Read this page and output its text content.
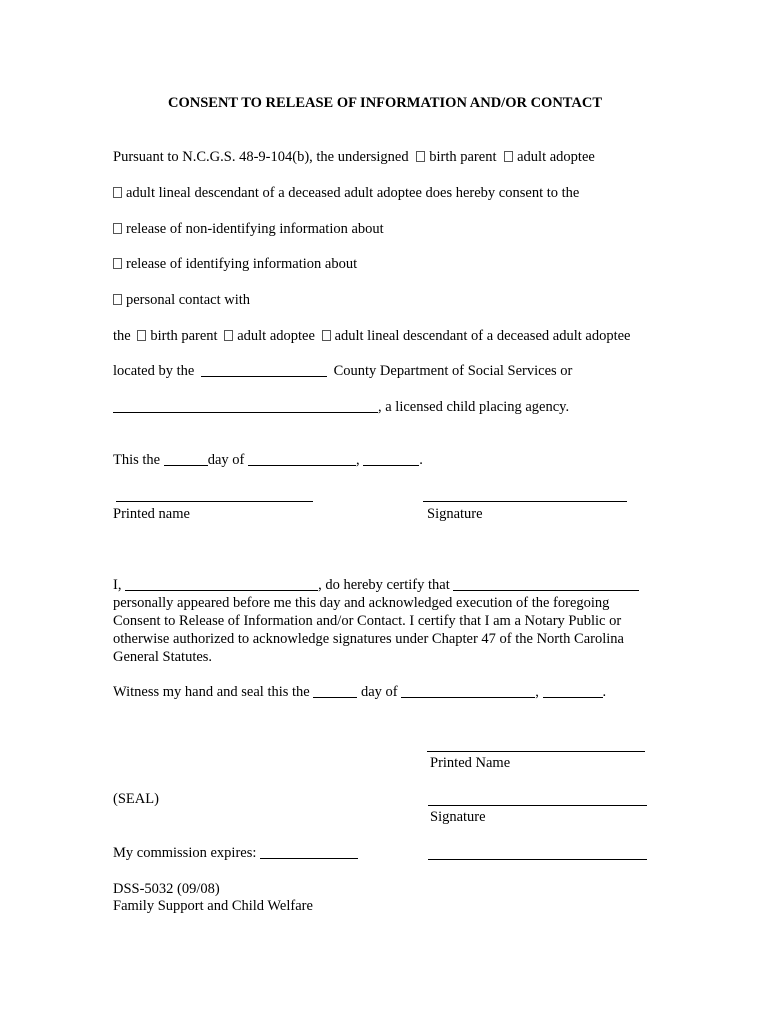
CONSENT TO RELEASE OF INFORMATION AND/OR CONTACT
Pursuant to N.C.G.S. 48-9-104(b), the undersigned birth parent adult adoptee
adult lineal descendant of a deceased adult adoptee does hereby consent to the
release of non-identifying information about
release of identifying information about
personal contact with
the birth parent adult adoptee adult lineal descendant of a deceased adult adoptee
located by the	County Department of Social Services or
, a licensed child placing agency.
This the	day of	,	.
Printed name	Signature
I,	, do hereby certify that
personally appeared before me this day and acknowledged execution of the foregoing Consent to Release of Information and/or Contact. I certify that I am a Notary Public or otherwise authorized to acknowledge signatures under Chapter 47 of the North Carolina General Statutes.
Witness my hand and seal this the	day of	,	.
Printed Name
(SEAL)
Signature
My commission expires:
DSS-5032 (09/08)
Family Support and Child Welfare
